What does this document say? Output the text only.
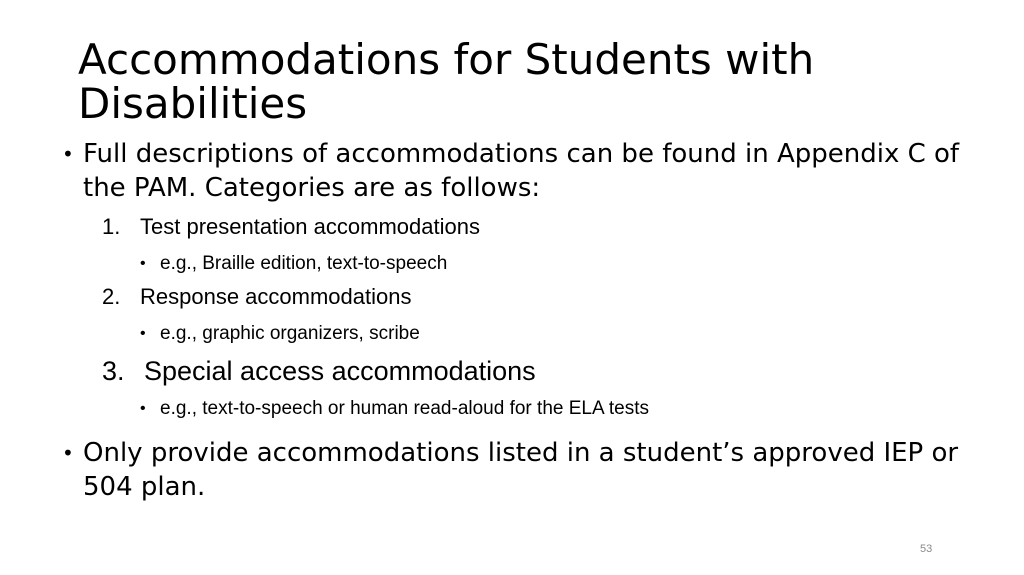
Accommodations for Students with Disabilities
• Full descriptions of accommodations can be found in Appendix C of the PAM. Categories are as follows:
1. Test presentation accommodations
• e.g., Braille edition, text-to-speech
2. Response accommodations
• e.g., graphic organizers, scribe
3. Special access accommodations
• e.g., text-to-speech or human read-aloud for the ELA tests
• Only provide accommodations listed in a student’s approved IEP or 504 plan.
53
